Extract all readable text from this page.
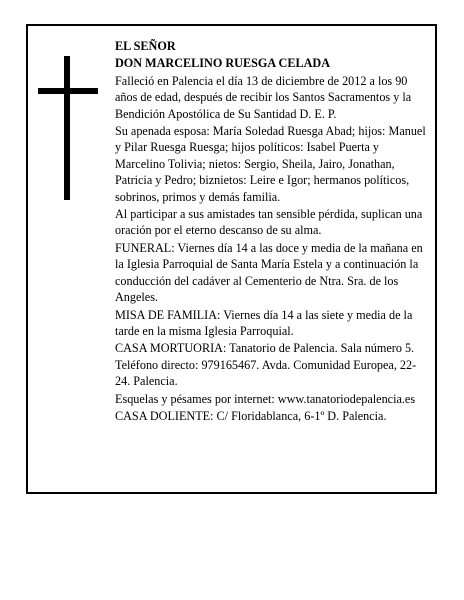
EL SEÑOR

DON MARCELINO RUESGA CELADA

Falleció en Palencia el día 13 de diciembre de 2012 a los 90 años de edad, después de recibir los Santos Sacramentos y la Bendición Apostólica de Su Santidad D. E. P.

Su apenada esposa: María Soledad Ruesga Abad; hijos: Manuel y Pilar Ruesga Ruesga; hijos políticos: Isabel Puerta y Marcelino Tolivia; nietos: Sergio, Sheila, Jairo, Jonathan, Patricia y Pedro; biznietos: Leire e Igor; hermanos políticos, sobrinos, primos y demás familia.

Al participar a sus amistades tan sensible pérdida, suplican una oración por el eterno descanso de su alma.

FUNERAL: Viernes día 14 a las doce y media de la mañana en la Iglesia Parroquial de Santa María Estela y a continuación la conducción del cadáver al Cementerio de Ntra. Sra. de los Angeles.

MISA DE FAMILIA: Viernes día 14 a las siete y media de la tarde en la misma Iglesia Parroquial.

CASA MORTUORIA: Tanatorio de Palencia. Sala número 5. Teléfono directo: 979165467. Avda. Comunidad Europea, 22-24. Palencia.

Esquelas y pésames por internet: www.tanatoriodepalencia.es

CASA DOLIENTE: C/ Floridablanca, 6-1º D. Palencia.
